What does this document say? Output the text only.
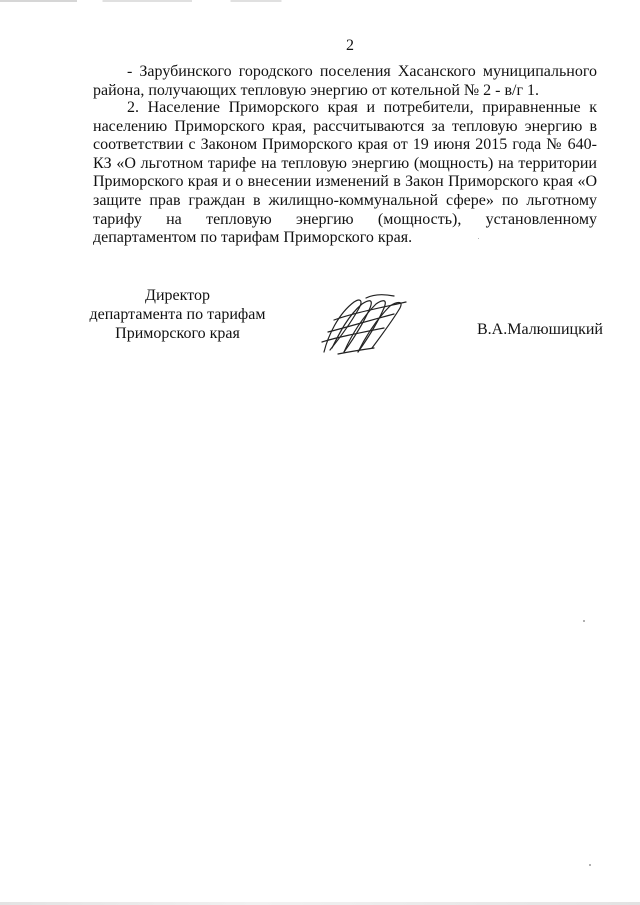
2
- Зарубинского городского поселения Хасанского муниципального района, получающих тепловую энергию от котельной № 2 - в/г 1.
2. Население Приморского края и потребители, приравненные к населению Приморского края, рассчитываются за тепловую энергию в соответствии с Законом Приморского края от 19 июня 2015 года № 640-КЗ «О льготном тарифе на тепловую энергию (мощность) на территории Приморского края и о внесении изменений в Закон Приморского края «О защите прав граждан в жилищно-коммунальной сфере» по льготному тарифу на тепловую энергию (мощность), установленному департаментом по тарифам Приморского края.
Директор
департамента по тарифам
Приморского края	В.А.Малюшицкий
